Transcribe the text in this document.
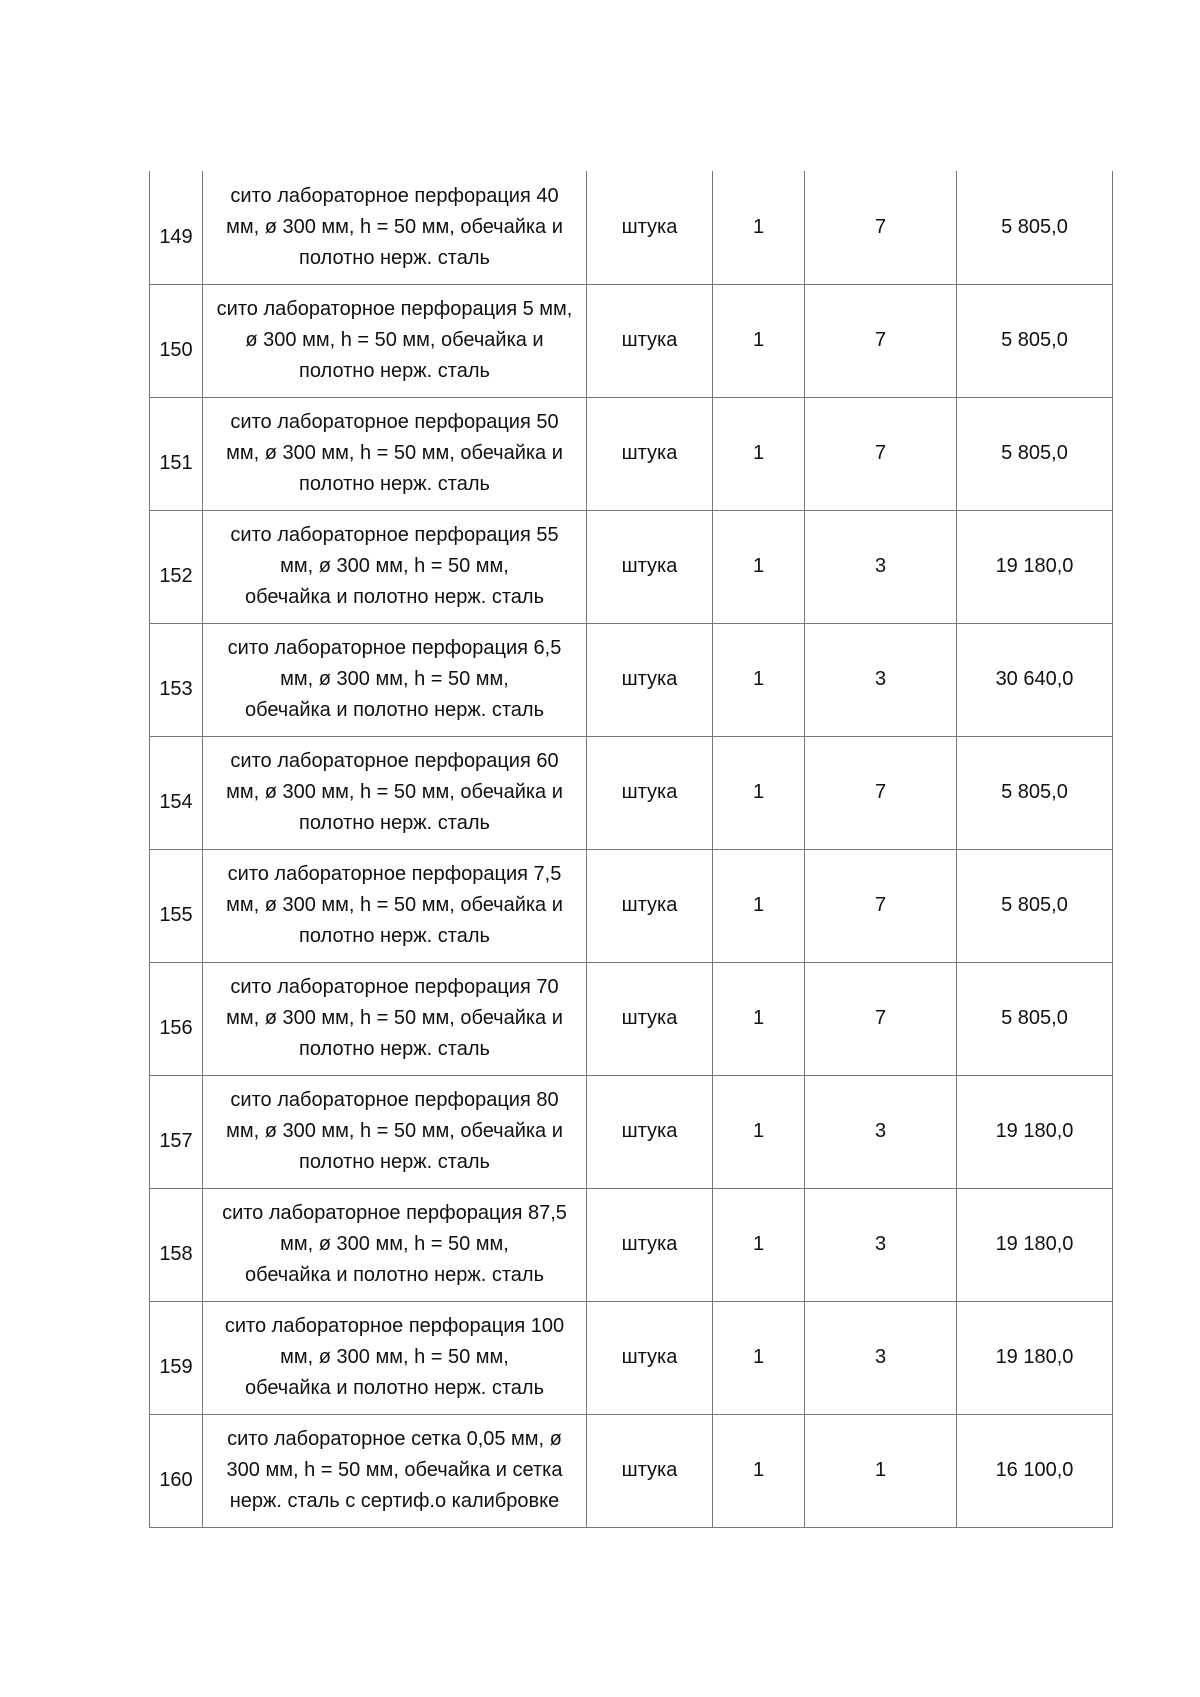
149	сито лабораторное перфорация 40
мм, ø 300 мм, h = 50 мм, обечайка и
полотно нерж. сталь	штука	1	7	5 805,0
150	сито лабораторное перфорация 5 мм,
ø 300 мм, h = 50 мм, обечайка и
полотно нерж. сталь	штука	1	7	5 805,0
151	сито лабораторное перфорация 50
мм, ø 300 мм, h = 50 мм, обечайка и
полотно нерж. сталь	штука	1	7	5 805,0
152	сито лабораторное перфорация 55
мм, ø 300 мм, h = 50 мм,
обечайка и полотно нерж. сталь	штука	1	3	19 180,0
153	сито лабораторное перфорация 6,5
мм, ø 300 мм, h = 50 мм,
обечайка и полотно нерж. сталь	штука	1	3	30 640,0
154	сито лабораторное перфорация 60
мм, ø 300 мм, h = 50 мм, обечайка и
полотно нерж. сталь	штука	1	7	5 805,0
155	сито лабораторное перфорация 7,5
мм, ø 300 мм, h = 50 мм, обечайка и
полотно нерж. сталь	штука	1	7	5 805,0
156	сито лабораторное перфорация 70
мм, ø 300 мм, h = 50 мм, обечайка и
полотно нерж. сталь	штука	1	7	5 805,0
157	сито лабораторное перфорация 80
мм, ø 300 мм, h = 50 мм, обечайка и
полотно нерж. сталь	штука	1	3	19 180,0
158	сито лабораторное перфорация 87,5
мм, ø 300 мм, h = 50 мм,
обечайка и полотно нерж. сталь	штука	1	3	19 180,0
159	сито лабораторное перфорация 100
мм, ø 300 мм, h = 50 мм,
обечайка и полотно нерж. сталь	штука	1	3	19 180,0
160	сито лабораторное сетка 0,05 мм, ø
300 мм, h = 50 мм, обечайка и сетка
нерж. сталь с сертиф.о калибровке	штука	1	1	16 100,0
